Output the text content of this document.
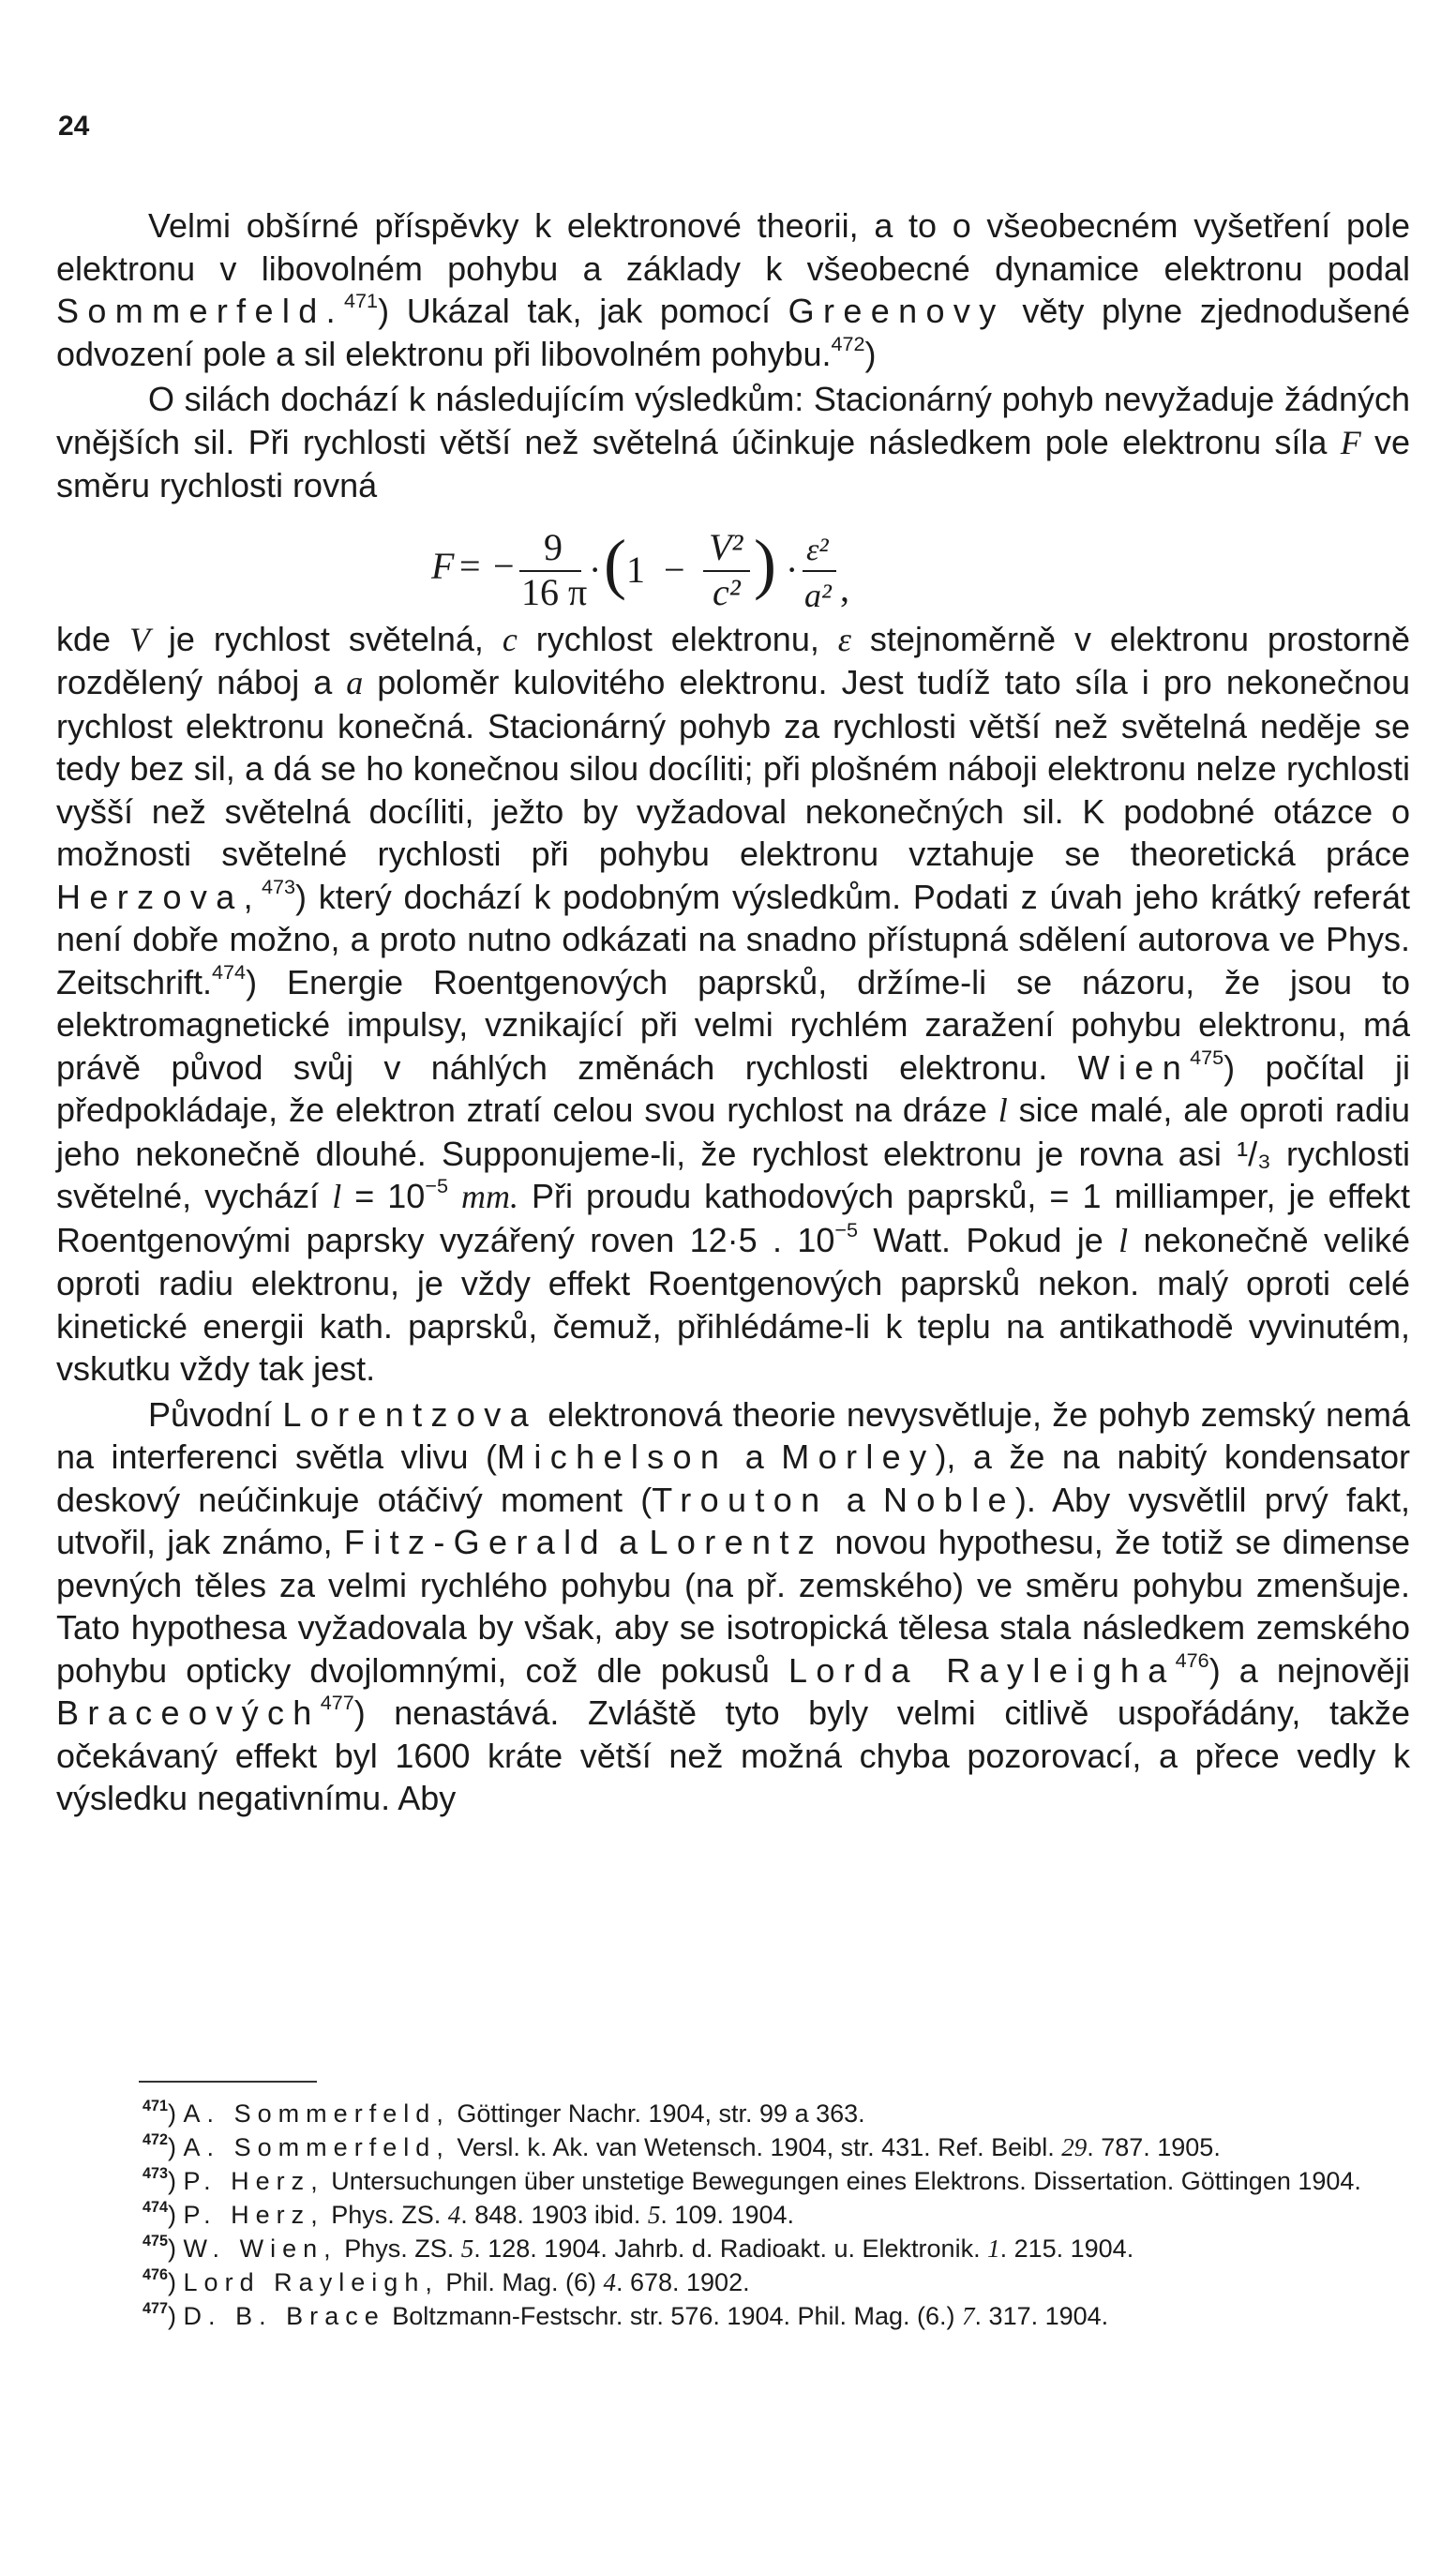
24

Velmi obšírné příspěvky k elektronové theorii, a to o všeobecném vyšetření pole elektronu v libovolném pohybu a základy k všeobecné dynamice elektronu podal Sommerfeld.$^{471}$) Ukázal tak, jak pomocí Greenovy věty plyne zjednodušené odvození pole a sil elektronu při libovolném pohybu.$^{472}$)

O silách dochází k následujícím výsledkům: Stacionárný pohyb nevyžaduje žádných vnějších sil. Při rychlosti větší než světelná účinkuje následkem pole elektronu síla F ve směru rychlosti rovná

F = − 9
16 π
· ( 1 −
V²
c² ) · ε²
a² ,

kde V je rychlost světelná, c rychlost elektronu, ε stejnoměrně v elektronu prostorně rozdělený náboj a a poloměr kulovitého elektronu. Jest tudíž tato síla i pro nekonečnou rychlost elektronu konečná. Stacionárný pohyb za rychlosti větší než světelná neděje se tedy bez sil, a dá se ho konečnou silou docíliti; při plošném náboji elektronu nelze rychlosti vyšší než světelná docíliti, ježto by vyžadoval nekonečných sil. K podobné otázce o možnosti světelné rychlosti při pohybu elektronu vztahuje se theoretická práce Herzova,$^{473}$) který dochází k podobným výsledkům. Podati z úvah jeho krátký referát není dobře možno, a proto nutno odkázati na snadno přístupná sdělení autorova ve Phys. Zeitschrift.$^{474}$) Energie Roentgenových paprsků, držíme-li se názoru, že jsou to elektromagnetické impulsy, vznikající při velmi rychlém zaražení pohybu elektronu, má právě původ svůj v náhlých změnách rychlosti elektronu. Wien$^{475}$) počítal ji předpokládaje, že elektron ztratí celou svou rychlost na dráze l sice malé, ale oproti radiu jeho nekonečně dlouhé. Supponujeme-li, že rychlost elektronu je rovna asi ¹/₃ rychlosti světelné, vychází $l = 10^{-5}$ mm. Při proudu kathodových paprsků, = 1 milliamper, je effekt Roentgenovými paprsky vyzářený roven 12·5 . $10^{-5}$ Watt. Pokud je l nekonečně veliké oproti radiu elektronu, je vždy effekt Roentgenových paprsků nekon. malý oproti celé kinetické energii kath. paprsků, čemuž, přihlédáme-li k teplu na antikathodě vyvinutém, vskutku vždy tak jest.

Původní Lorentzova elektronová theorie nevysvětluje, že pohyb zemský nemá na interferenci světla vlivu (Michelson a Morley), a že na nabitý kondensator deskový neúčinkuje otáčivý moment (Trouton a Noble). Aby vysvětlil prvý fakt, utvořil, jak známo, Fitz-Gerald a Lorentz novou hypothesu, že totiž se dimense pevných těles za velmi rychlého pohybu (na př. zemského) ve směru pohybu zmenšuje. Tato hypothesa vyžadovala by však, aby se isotropická tělesa stala následkem zemského pohybu opticky dvojlomnými, což dle pokusů Lorda Rayleigha$^{476}$) a nejnověji Braceových$^{477}$) nenastává. Zvláště tyto byly velmi citlivě uspořádány, takže očekávaný effekt byl 1600 kráte větší než možná chyba pozorovací, a přece vedly k výsledku negativnímu. Aby

$^{471}$) A. Sommerfeld, Göttinger Nachr. 1904, str. 99 a 363.

$^{472}$) A. Sommerfeld, Versl. k. Ak. van Wetensch. 1904, str. 431. Ref. Beibl. 29. 787. 1905.

$^{473}$) P. Herz, Untersuchungen über unstetige Bewegungen eines Elektrons. Dissertation. Göttingen 1904.

$^{474}$) P. Herz, Phys. ZS. 4. 848. 1903 ibid. 5. 109. 1904.

$^{475}$) W. Wien, Phys. ZS. 5. 128. 1904. Jahrb. d. Radioakt. u. Elektronik. 1. 215. 1904.

$^{476}$) Lord Rayleigh, Phil. Mag. (6) 4. 678. 1902.

$^{477}$) D. B. Brace Boltzmann-Festschr. str. 576. 1904. Phil. Mag. (6.) 7. 317. 1904.
